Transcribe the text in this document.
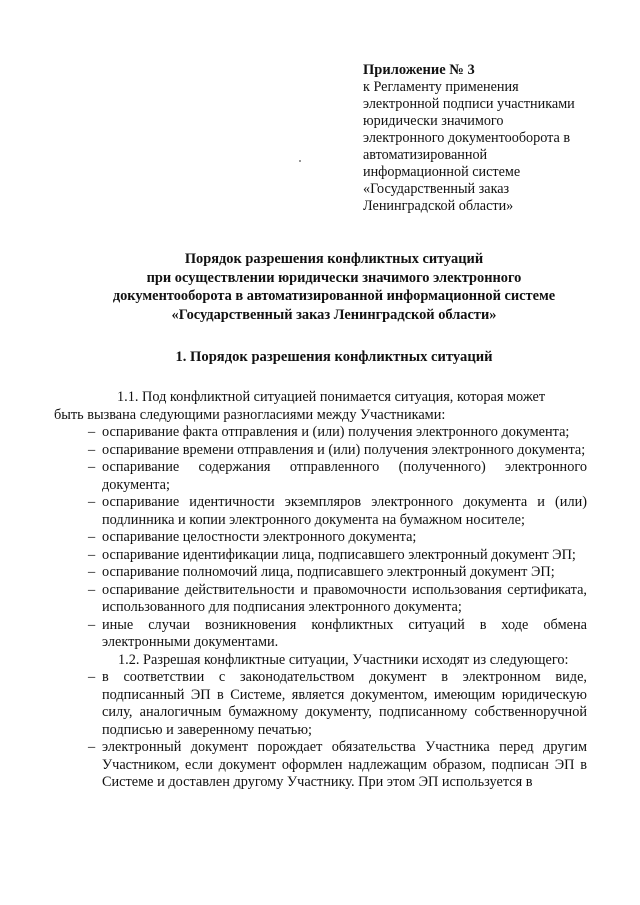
Приложение № 3
к Регламенту применения
электронной подписи участниками
юридически значимого
электронного документооборота в
автоматизированной
информационной системе
«Государственный заказ
Ленинградской области»
Порядок разрешения конфликтных ситуаций
при осуществлении юридически значимого электронного
документооборота в автоматизированной информационной системе
«Государственный заказ Ленинградской области»
1. Порядок разрешения конфликтных ситуаций

1.1. Под конфликтной ситуацией понимается ситуация, которая может

быть вызвана следующими разногласиями между Участниками:

– оспаривание факта отправления и (или) получения электронного документа;
– оспаривание времени отправления и (или) получения электронного документа;
– оспаривание содержания отправленного (полученного) электронного документа;
– оспаривание идентичности экземпляров электронного документа и (или) подлинника и копии электронного документа на бумажном носителе;
– оспаривание целостности электронного документа;
– оспаривание идентификации лица, подписавшего электронный документ ЭП;
– оспаривание полномочий лица, подписавшего электронный документ ЭП;
– оспаривание действительности и правомочности использования сертификата, использованного для подписания электронного документа;
– иные случаи возникновения конфликтных ситуаций в ходе обмена электронными документами.

1.2. Разрешая конфликтные ситуации, Участники исходят из следующего:

– в соответствии с законодательством документ в электронном виде, подписанный ЭП в Системе, является документом, имеющим юридическую силу, аналогичным бумажному документу, подписанному собственноручной подписью и заверенному печатью;
– электронный документ порождает обязательства Участника перед другим Участником, если документ оформлен надлежащим образом, подписан ЭП в Системе и доставлен другому Участнику. При этом ЭП используется в
